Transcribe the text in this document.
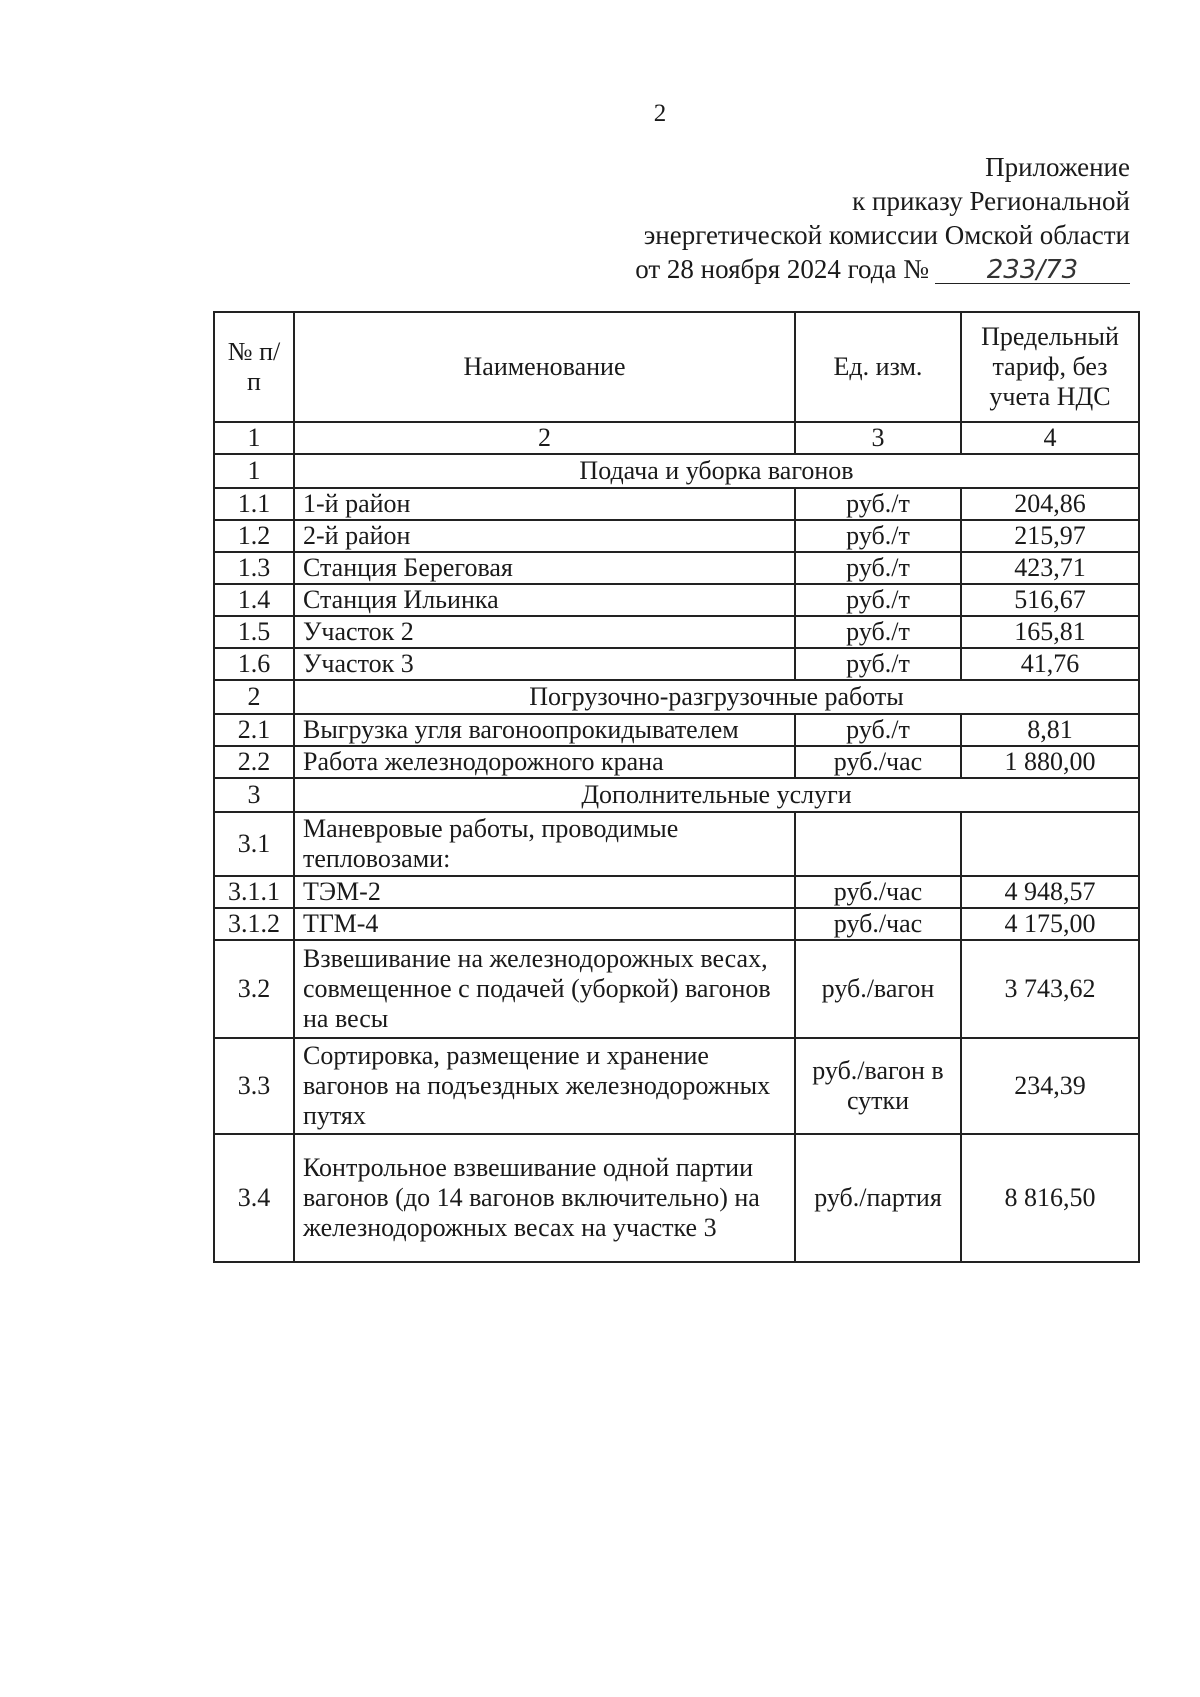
2
Приложение
к приказу Региональной
энергетической комиссии Омской области
от 28 ноября 2024 года № 233/73
№ п/п	Наименование	Ед. изм.	Предельный тариф, без учета НДС
1	2	3	4
1	Подача и уборка вагонов		
1.1	1-й район	руб./т	204,86
1.2	2-й район	руб./т	215,97
1.3	Станция Береговая	руб./т	423,71
1.4	Станция Ильинка	руб./т	516,67
1.5	Участок 2	руб./т	165,81
1.6	Участок 3	руб./т	41,76
2	Погрузочно-разгрузочные работы		
2.1	Выгрузка угля вагоноопрокидывателем	руб./т	8,81
2.2	Работа железнодорожного крана	руб./час	1 880,00
3	Дополнительные услуги		
3.1	Маневровые работы, проводимые тепловозами:		
3.1.1	ТЭМ-2	руб./час	4 948,57
3.1.2	ТГМ-4	руб./час	4 175,00
3.2	Взвешивание на железнодорожных весах, совмещенное с подачей (уборкой) вагонов на весы	руб./вагон	3 743,62
3.3	Сортировка, размещение и хранение вагонов на подъездных железнодорожных путях	руб./вагон в сутки	234,39
3.4	Контрольное взвешивание одной партии вагонов (до 14 вагонов включительно) на железнодорожных весах на участке 3	руб./партия	8 816,50
